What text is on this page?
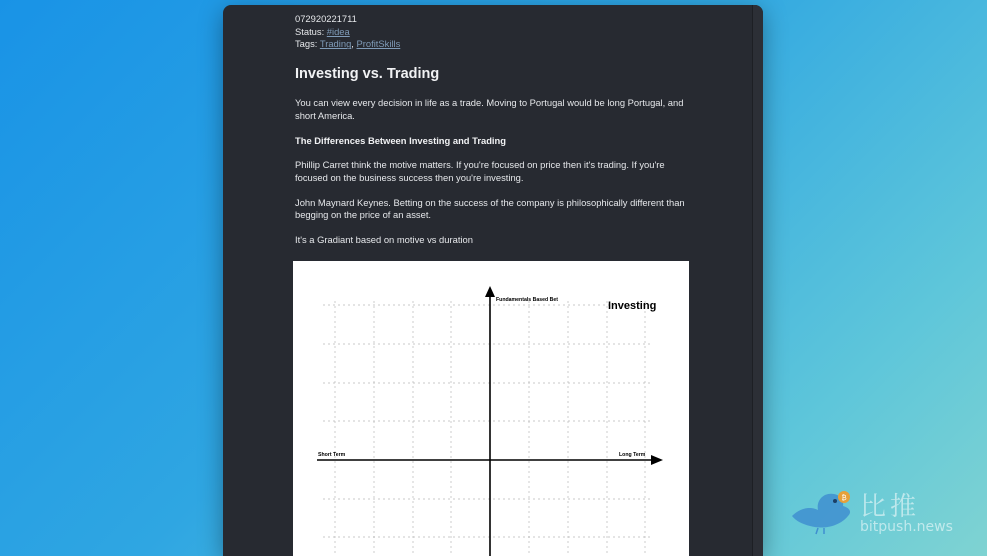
072920221711
Status: #idea
Tags: Trading, ProfitSkills
Investing vs. Trading

You can view every decision in life as a trade. Moving to Portugal would be long Portugal, and short America.

The Differences Between Investing and Trading

Phillip Carret think the motive matters. If you're focused on price then it's trading. If you're focused on the business success then you're investing.

John Maynard Keynes. Betting on the success of the company is philosophically different than begging on the price of an asset.

It's a Gradiant based on motive vs duration

Fundamentals Based Bet	Investing
Short Term	Long Term
₿ 比推
bitpush.news
